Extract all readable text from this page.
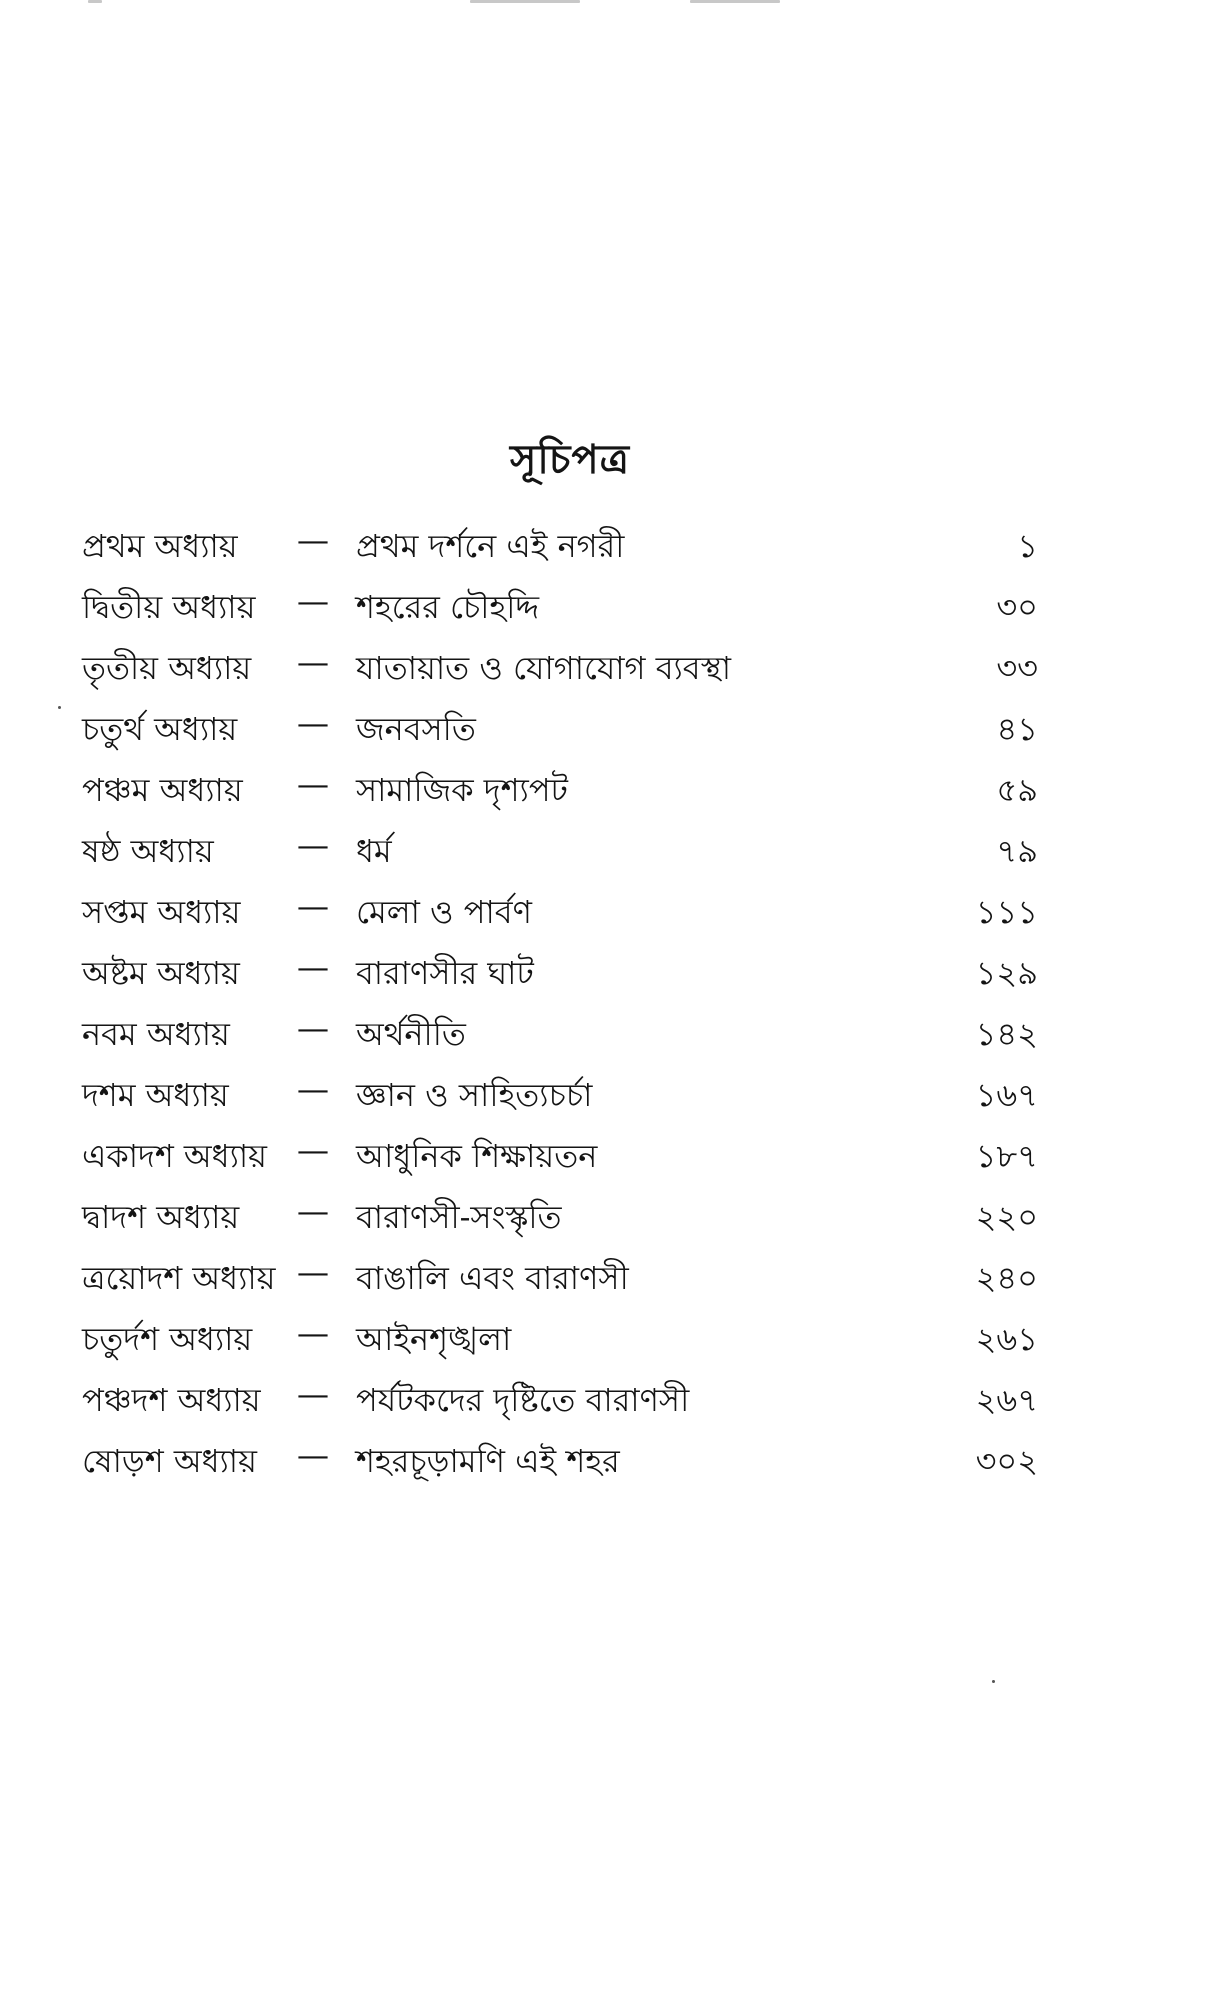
সূচিপত্র
প্রথম অধ্যায় — প্রথম দর্শনে এই নগরী	১
দ্বিতীয় অধ্যায় — শহরের চৌহদ্দি	৩০
তৃতীয় অধ্যায় — যাতায়াত ও যোগাযোগ ব্যবস্থা	৩৩
চতুর্থ অধ্যায় — জনবসতি	৪১
পঞ্চম অধ্যায় — সামাজিক দৃশ্যপট	৫৯
ষষ্ঠ অধ্যায়	— ধর্ম	৭৯
সপ্তম অধ্যায় — মেলা ও পার্বণ	১১১
অষ্টম অধ্যায় — বারাণসীর ঘাট	১২৯
নবম অধ্যায় — অর্থনীতি	১৪২
দশম অধ্যায় — জ্ঞান ও সাহিত্যচর্চা	১৬৭
একাদশ অধ্যায় — আধুনিক শিক্ষায়তন	১৮৭
দ্বাদশ অধ্যায় — বারাণসী-সংস্কৃতি	২২০
ত্রয়োদশ অধ্যায় — বাঙালি এবং বারাণসী	২৪০
চতুর্দশ অধ্যায় — আইনশৃঙ্খলা	২৬১
পঞ্চদশ অধ্যায় — পর্যটকদের দৃষ্টিতে বারাণসী	২৬৭
ষোড়শ অধ্যায় — শহরচূড়ামণি এই শহর	৩০২
